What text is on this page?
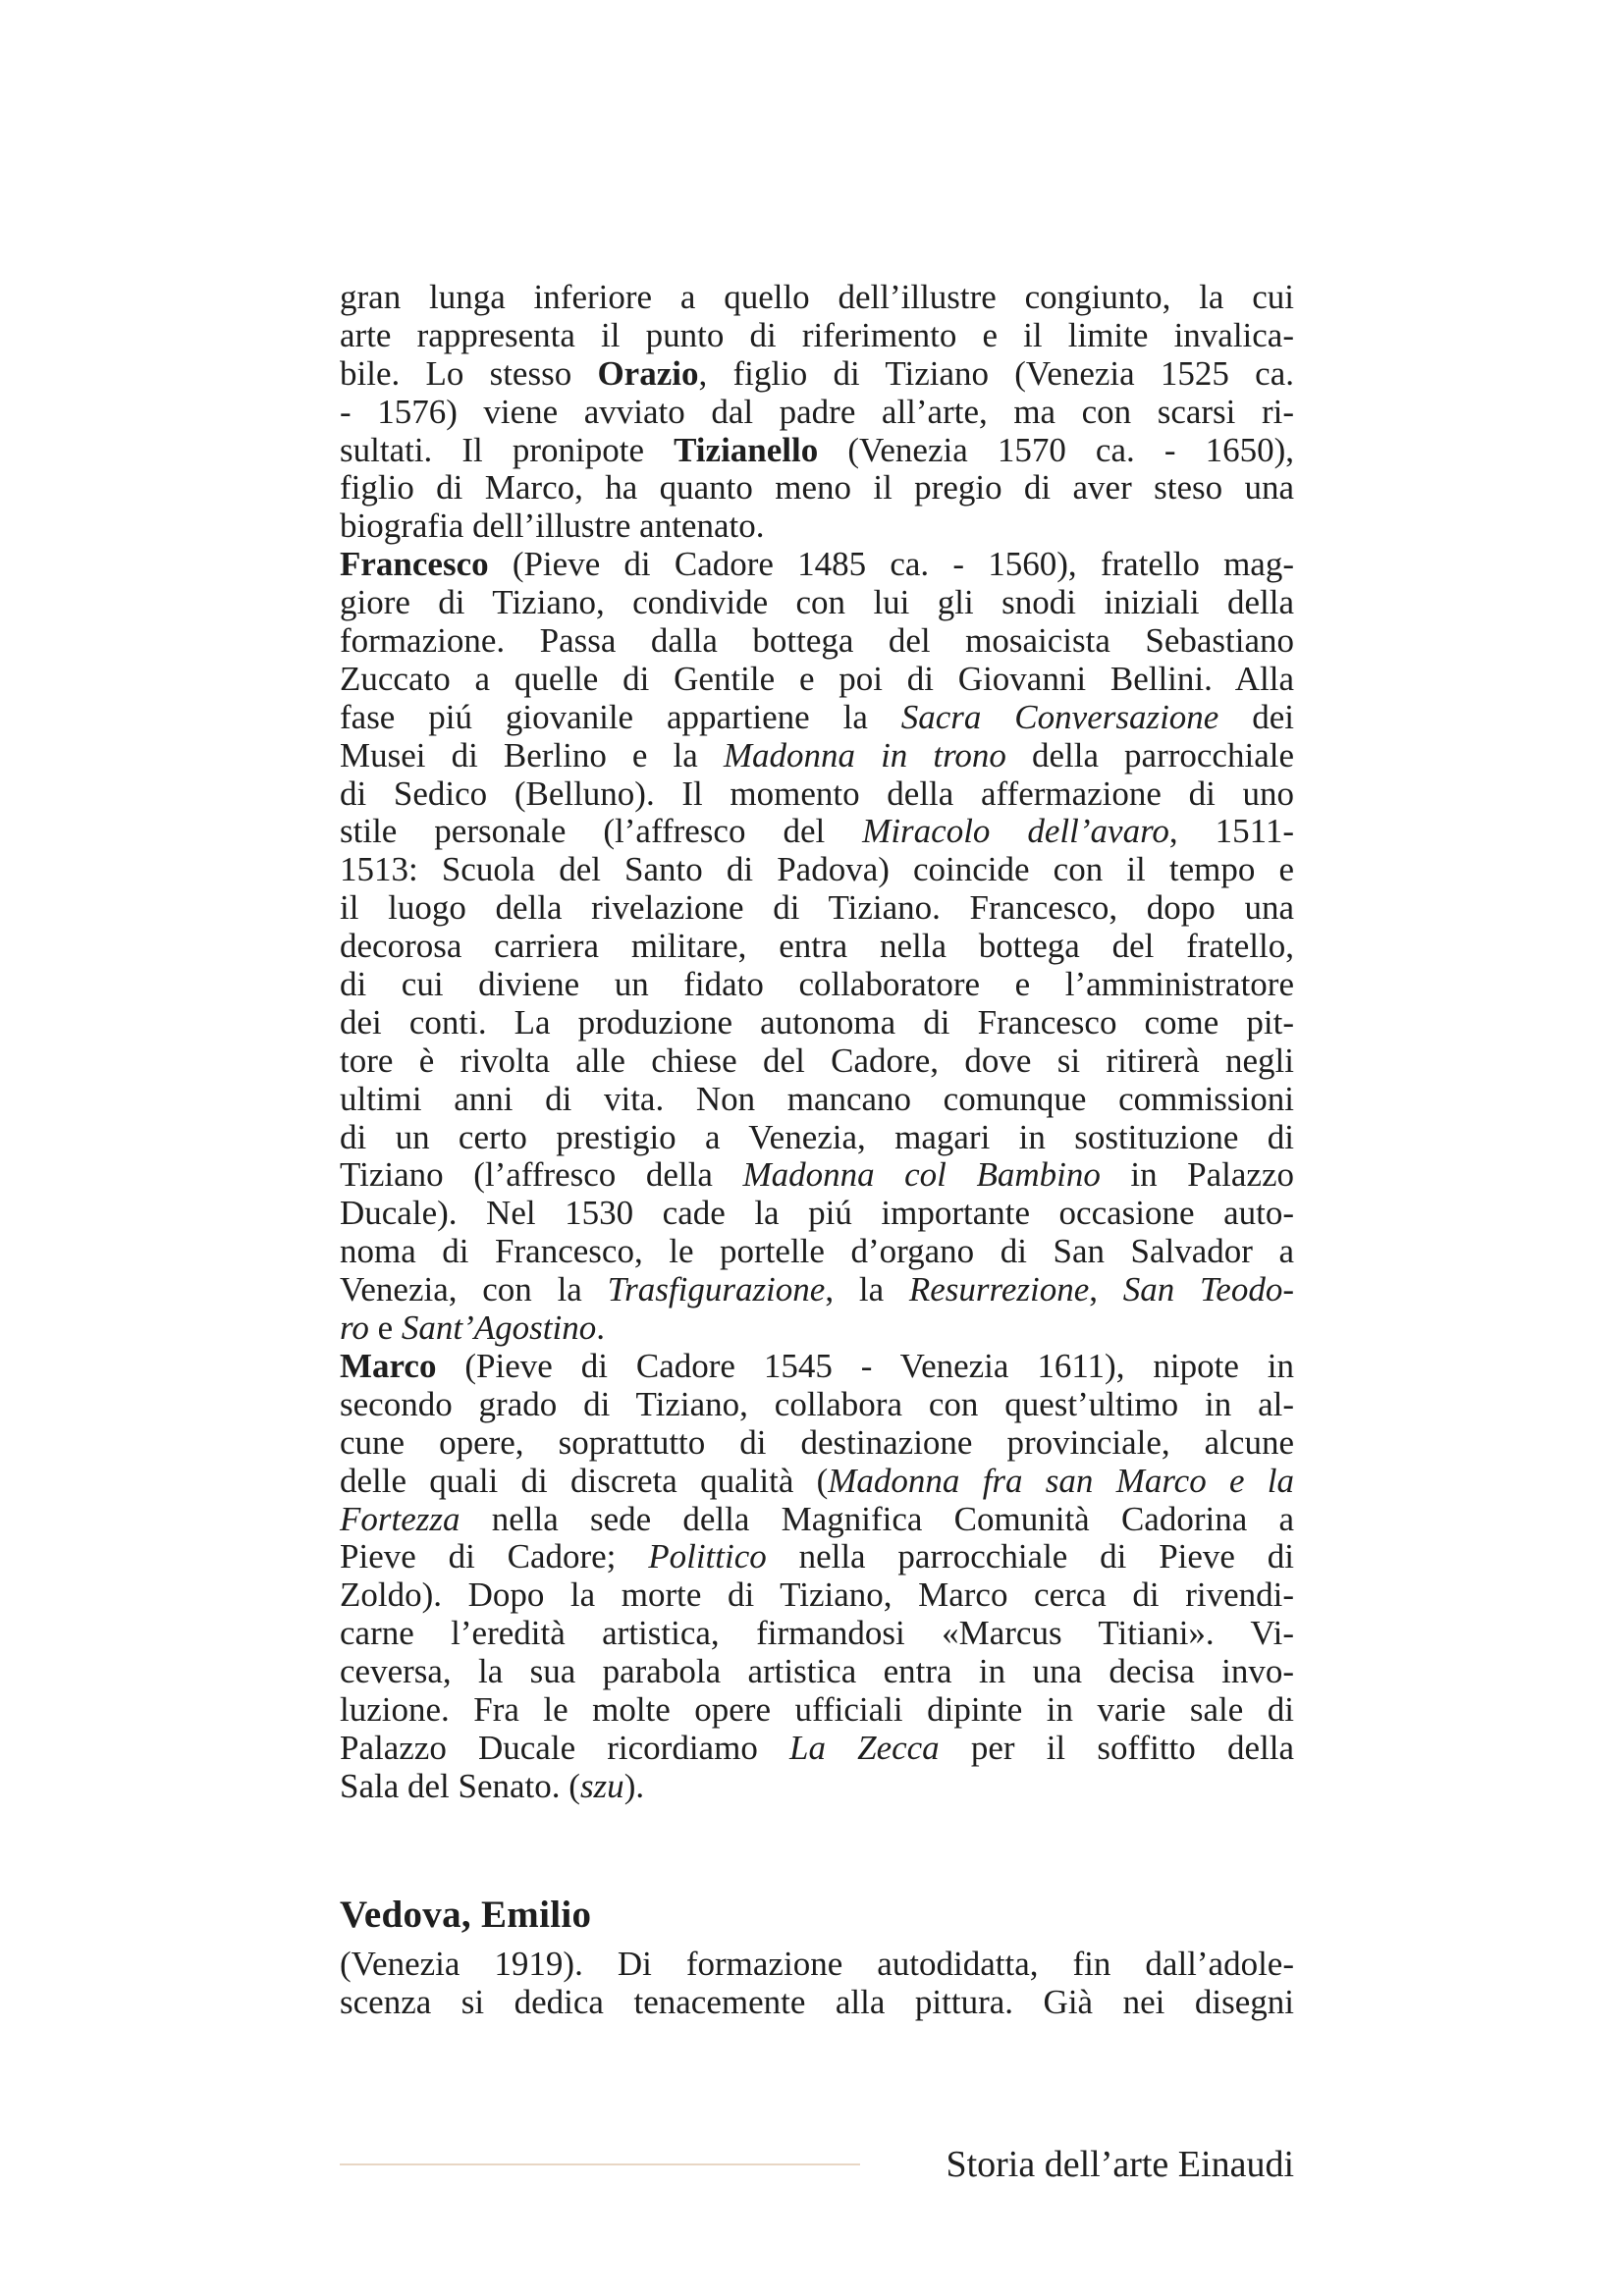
gran lunga inferiore a quello dell’illustre congiunto, la cui
arte rappresenta il punto di riferimento e il limite invalica-
bile. Lo stesso Orazio, figlio di Tiziano (Venezia 1525 ca.
- 1576) viene avviato dal padre all’arte, ma con scarsi ri-
sultati. Il pronipote Tizianello (Venezia 1570 ca. - 1650),
figlio di Marco, ha quanto meno il pregio di aver steso una
biografia dell’illustre antenato.
Francesco (Pieve di Cadore 1485 ca. - 1560), fratello mag-
giore di Tiziano, condivide con lui gli snodi iniziali della
formazione. Passa dalla bottega del mosaicista Sebastiano
Zuccato a quelle di Gentile e poi di Giovanni Bellini. Alla
fase piú giovanile appartiene la Sacra Conversazione dei
Musei di Berlino e la Madonna in trono della parrocchiale
di Sedico (Belluno). Il momento della affermazione di uno
stile personale (l’affresco del Miracolo dell’avaro, 1511-
1513: Scuola del Santo di Padova) coincide con il tempo e
il luogo della rivelazione di Tiziano. Francesco, dopo una
decorosa carriera militare, entra nella bottega del fratello,
di cui diviene un fidato collaboratore e l’amministratore
dei conti. La produzione autonoma di Francesco come pit-
tore è rivolta alle chiese del Cadore, dove si ritirerà negli
ultimi anni di vita. Non mancano comunque commissioni
di un certo prestigio a Venezia, magari in sostituzione di
Tiziano (l’affresco della Madonna col Bambino in Palazzo
Ducale). Nel 1530 cade la piú importante occasione auto-
noma di Francesco, le portelle d’organo di San Salvador a
Venezia, con la Trasfigurazione, la Resurrezione, San Teodo-
ro e Sant’Agostino.
Marco (Pieve di Cadore 1545 - Venezia 1611), nipote in
secondo grado di Tiziano, collabora con quest’ultimo in al-
cune opere, soprattutto di destinazione provinciale, alcune
delle quali di discreta qualità (Madonna fra san Marco e la
Fortezza nella sede della Magnifica Comunità Cadorina a
Pieve di Cadore; Polittico nella parrocchiale di Pieve di
Zoldo). Dopo la morte di Tiziano, Marco cerca di rivendi-
carne l’eredità artistica, firmandosi «Marcus Titiani». Vi-
ceversa, la sua parabola artistica entra in una decisa invo-
luzione. Fra le molte opere ufficiali dipinte in varie sale di
Palazzo Ducale ricordiamo La Zecca per il soffitto della
Sala del Senato. (szu).
Vedova, Emilio
(Venezia 1919). Di formazione autodidatta, fin dall’adole-
scenza si dedica tenacemente alla pittura. Già nei disegni
Storia dell’arte Einaudi
